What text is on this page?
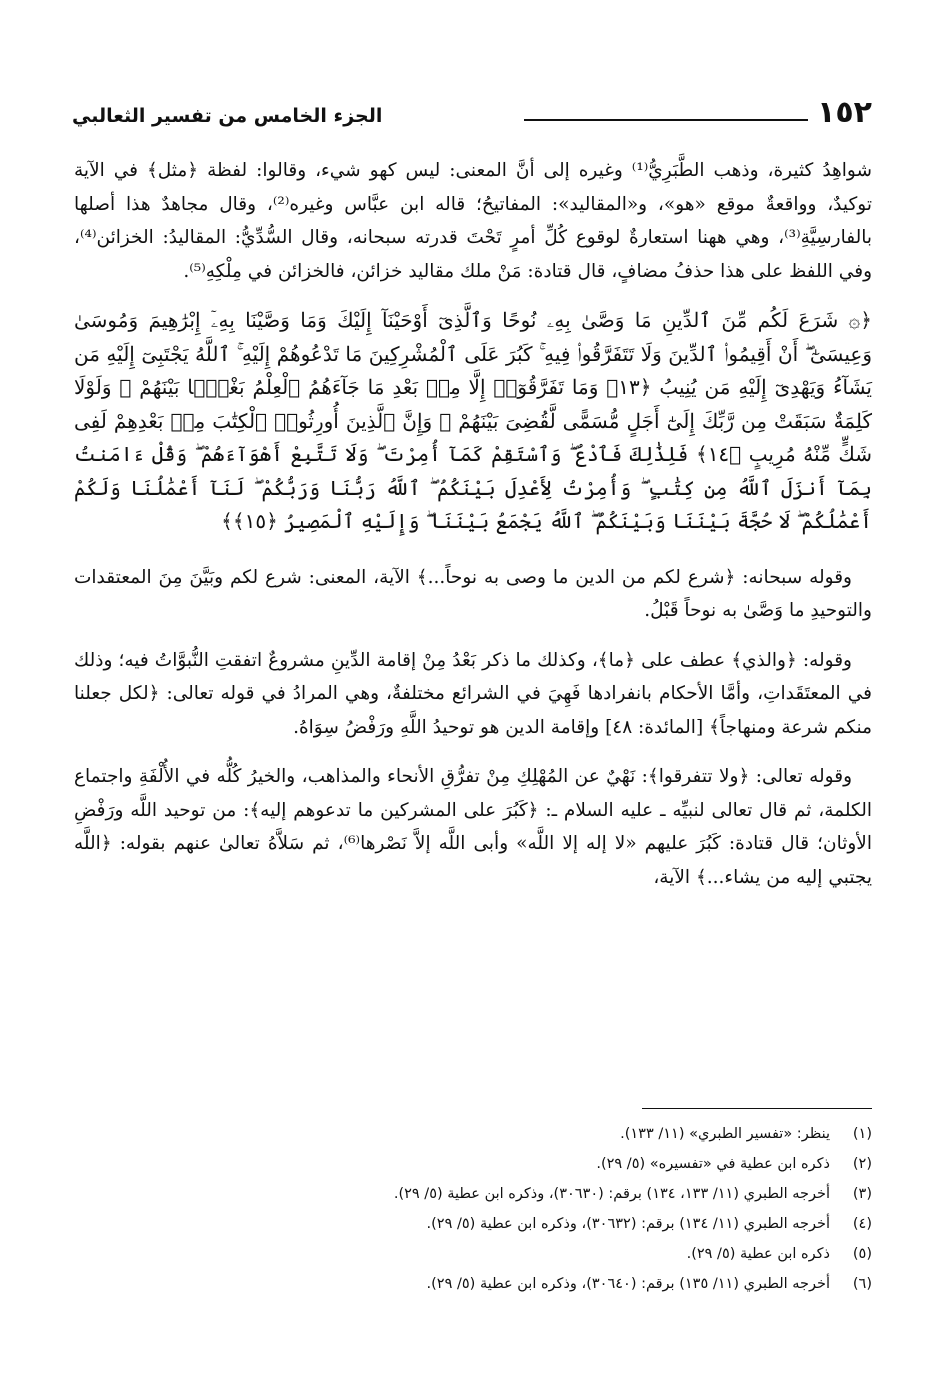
١٥٢
الجزء الخامس من تفسير الثعالبي

شواهِدُ كثيرة، وذهب الطَّبَرِيُّ⁽¹⁾ وغيره إلى أنَّ المعنى: ليس كهو شيء، وقالوا: لفظة ﴿مثل﴾ في الآية توكيدٌ، وواقعةٌ موقع «هو»، و«المقاليد»: المفاتيحُ؛ قاله ابن عبَّاس وغيره⁽²⁾، وقال مجاهدٌ هذا أصلها بالفارسِيَّةِ⁽³⁾، وهي ههنا استعارةٌ لوقوع كُلِّ أمرٍ تَحْتَ قدرته سبحانه، وقال السُّدِّيُّ: المقاليدُ: الخزائن⁽⁴⁾، وفي اللفظ على هذا حذفُ مضافٍ، قال قتادة: مَنْ ملك مقاليد خزائن، فالخزائن في مِلْكِهِ⁽⁵⁾.

﴿۞ شَرَعَ لَكُم مِّنَ ٱلدِّينِ مَا وَصَّىٰ بِهِۦ نُوحًا وَٱلَّذِىٓ أَوْحَيْنَآ إِلَيْكَ وَمَا وَصَّيْنَا بِهِۦٓ إِبْرَٰهِيمَ وَمُوسَىٰ وَعِيسَىٰٓ ۖ أَنْ أَقِيمُوا۟ ٱلدِّينَ وَلَا تَتَفَرَّقُوا۟ فِيهِ ۚ كَبُرَ عَلَى ٱلْمُشْرِكِينَ مَا تَدْعُوهُمْ إِلَيْهِ ۚ ٱللَّهُ يَجْتَبِىٓ إِلَيْهِ مَن يَشَآءُ وَيَهْدِىٓ إِلَيْهِ مَن يُنِيبُ ﴿١٣﴾ وَمَا تَفَرَّقُوٓا۟ إِلَّا مِنۢ بَعْدِ مَا جَآءَهُمُ ٱلْعِلْمُ بَغْيًۢا بَيْنَهُمْ ۚ وَلَوْلَا كَلِمَةٌ سَبَقَتْ مِن رَّبِّكَ إِلَىٰٓ أَجَلٍ مُّسَمًّى لَّقُضِىَ بَيْنَهُمْ ۚ وَإِنَّ ٱلَّذِينَ أُورِثُوا۟ ٱلْكِتَٰبَ مِنۢ بَعْدِهِمْ لَفِى شَكٍّ مِّنْهُ مُرِيبٍ ﴿١٤﴾ فَلِذَٰلِكَ فَٱدْعُ ۖ وَٱسْتَقِمْ كَمَآ أُمِرْتَ ۖ وَلَا تَتَّبِعْ أَهْوَآءَهُمْ ۖ وَقُلْ ءَامَنتُ بِمَآ أَنزَلَ ٱللَّهُ مِن كِتَٰبٍ ۖ وَأُمِرْتُ لِأَعْدِلَ بَيْنَكُمُ ۖ ٱللَّهُ رَبُّنَا وَرَبُّكُمْ ۖ لَنَآ أَعْمَٰلُنَا وَلَكُمْ أَعْمَٰلُكُمْ ۖ لَا حُجَّةَ بَيْنَنَا وَبَيْنَكُمُ ۖ ٱللَّهُ يَجْمَعُ بَيْنَنَا ۖ وَإِلَيْهِ ٱلْمَصِيرُ ﴿١٥﴾﴾

وقوله سبحانه: ﴿شرع لكم من الدين ما وصى به نوحاً...﴾ الآية، المعنى: شرع لكم وبَيَّنَ مِنَ المعتقدات والتوحيدِ ما وَصَّىٰ به نوحاً قَبْلُ.

وقوله: ﴿والذي﴾ عطف على ﴿ما﴾، وكذلك ما ذكر بَعْدُ مِنْ إقامة الدِّينِ مشروعٌ اتفقتِ النُّبوَّاتُ فيه؛ وذلك في المعتَقَداتِ، وأمَّا الأحكام بانفرادها فَهِيَ في الشرائع مختلفةٌ، وهي المرادُ في قوله تعالى: ﴿لكل جعلنا منكم شرعة ومنهاجاً﴾ [المائدة: ٤٨] وإقامة الدين هو توحيدُ اللَّهِ ورَفْضُ سِوَاهُ.

وقوله تعالى: ﴿ولا تتفرقوا﴾: نَهْيٌ عن المُهْلِكِ مِنْ تفرُّقِ الأنحاء والمذاهب، والخيرُ كُلُّه في الأُلْفَةِ واجتماع الكلمة، ثم قال تعالى لنبيِّه ـ عليه السلام ـ: ﴿كَبُرَ على المشركين ما تدعوهم إليه﴾: من توحيد اللَّه ورَفْضِ الأوثان؛ قال قتادة: كَبُرَ عليهم «لا إله إلا اللَّه» وأبى اللَّه إلاَّ نَصْرها⁽⁶⁾، ثم سَلاَّهُ تعالىٰ عنهم بقوله: ﴿اللَّه يجتبي إليه من يشاء...﴾ الآية،

(١)ينظر: «تفسير الطبري» (١١/ ١٣٣).
(٢)ذكره ابن عطية في «تفسيره» (٥/ ٢٩).
(٣)أخرجه الطبري (١١/ ١٣٣، ١٣٤) برقم: (٣٠٦٣٠)، وذكره ابن عطية (٥/ ٢٩).
(٤)أخرجه الطبري (١١/ ١٣٤) برقم: (٣٠٦٣٢)، وذكره ابن عطية (٥/ ٢٩).
(٥)ذكره ابن عطية (٥/ ٢٩).
(٦)أخرجه الطبري (١١/ ١٣٥) برقم: (٣٠٦٤٠)، وذكره ابن عطية (٥/ ٢٩).
